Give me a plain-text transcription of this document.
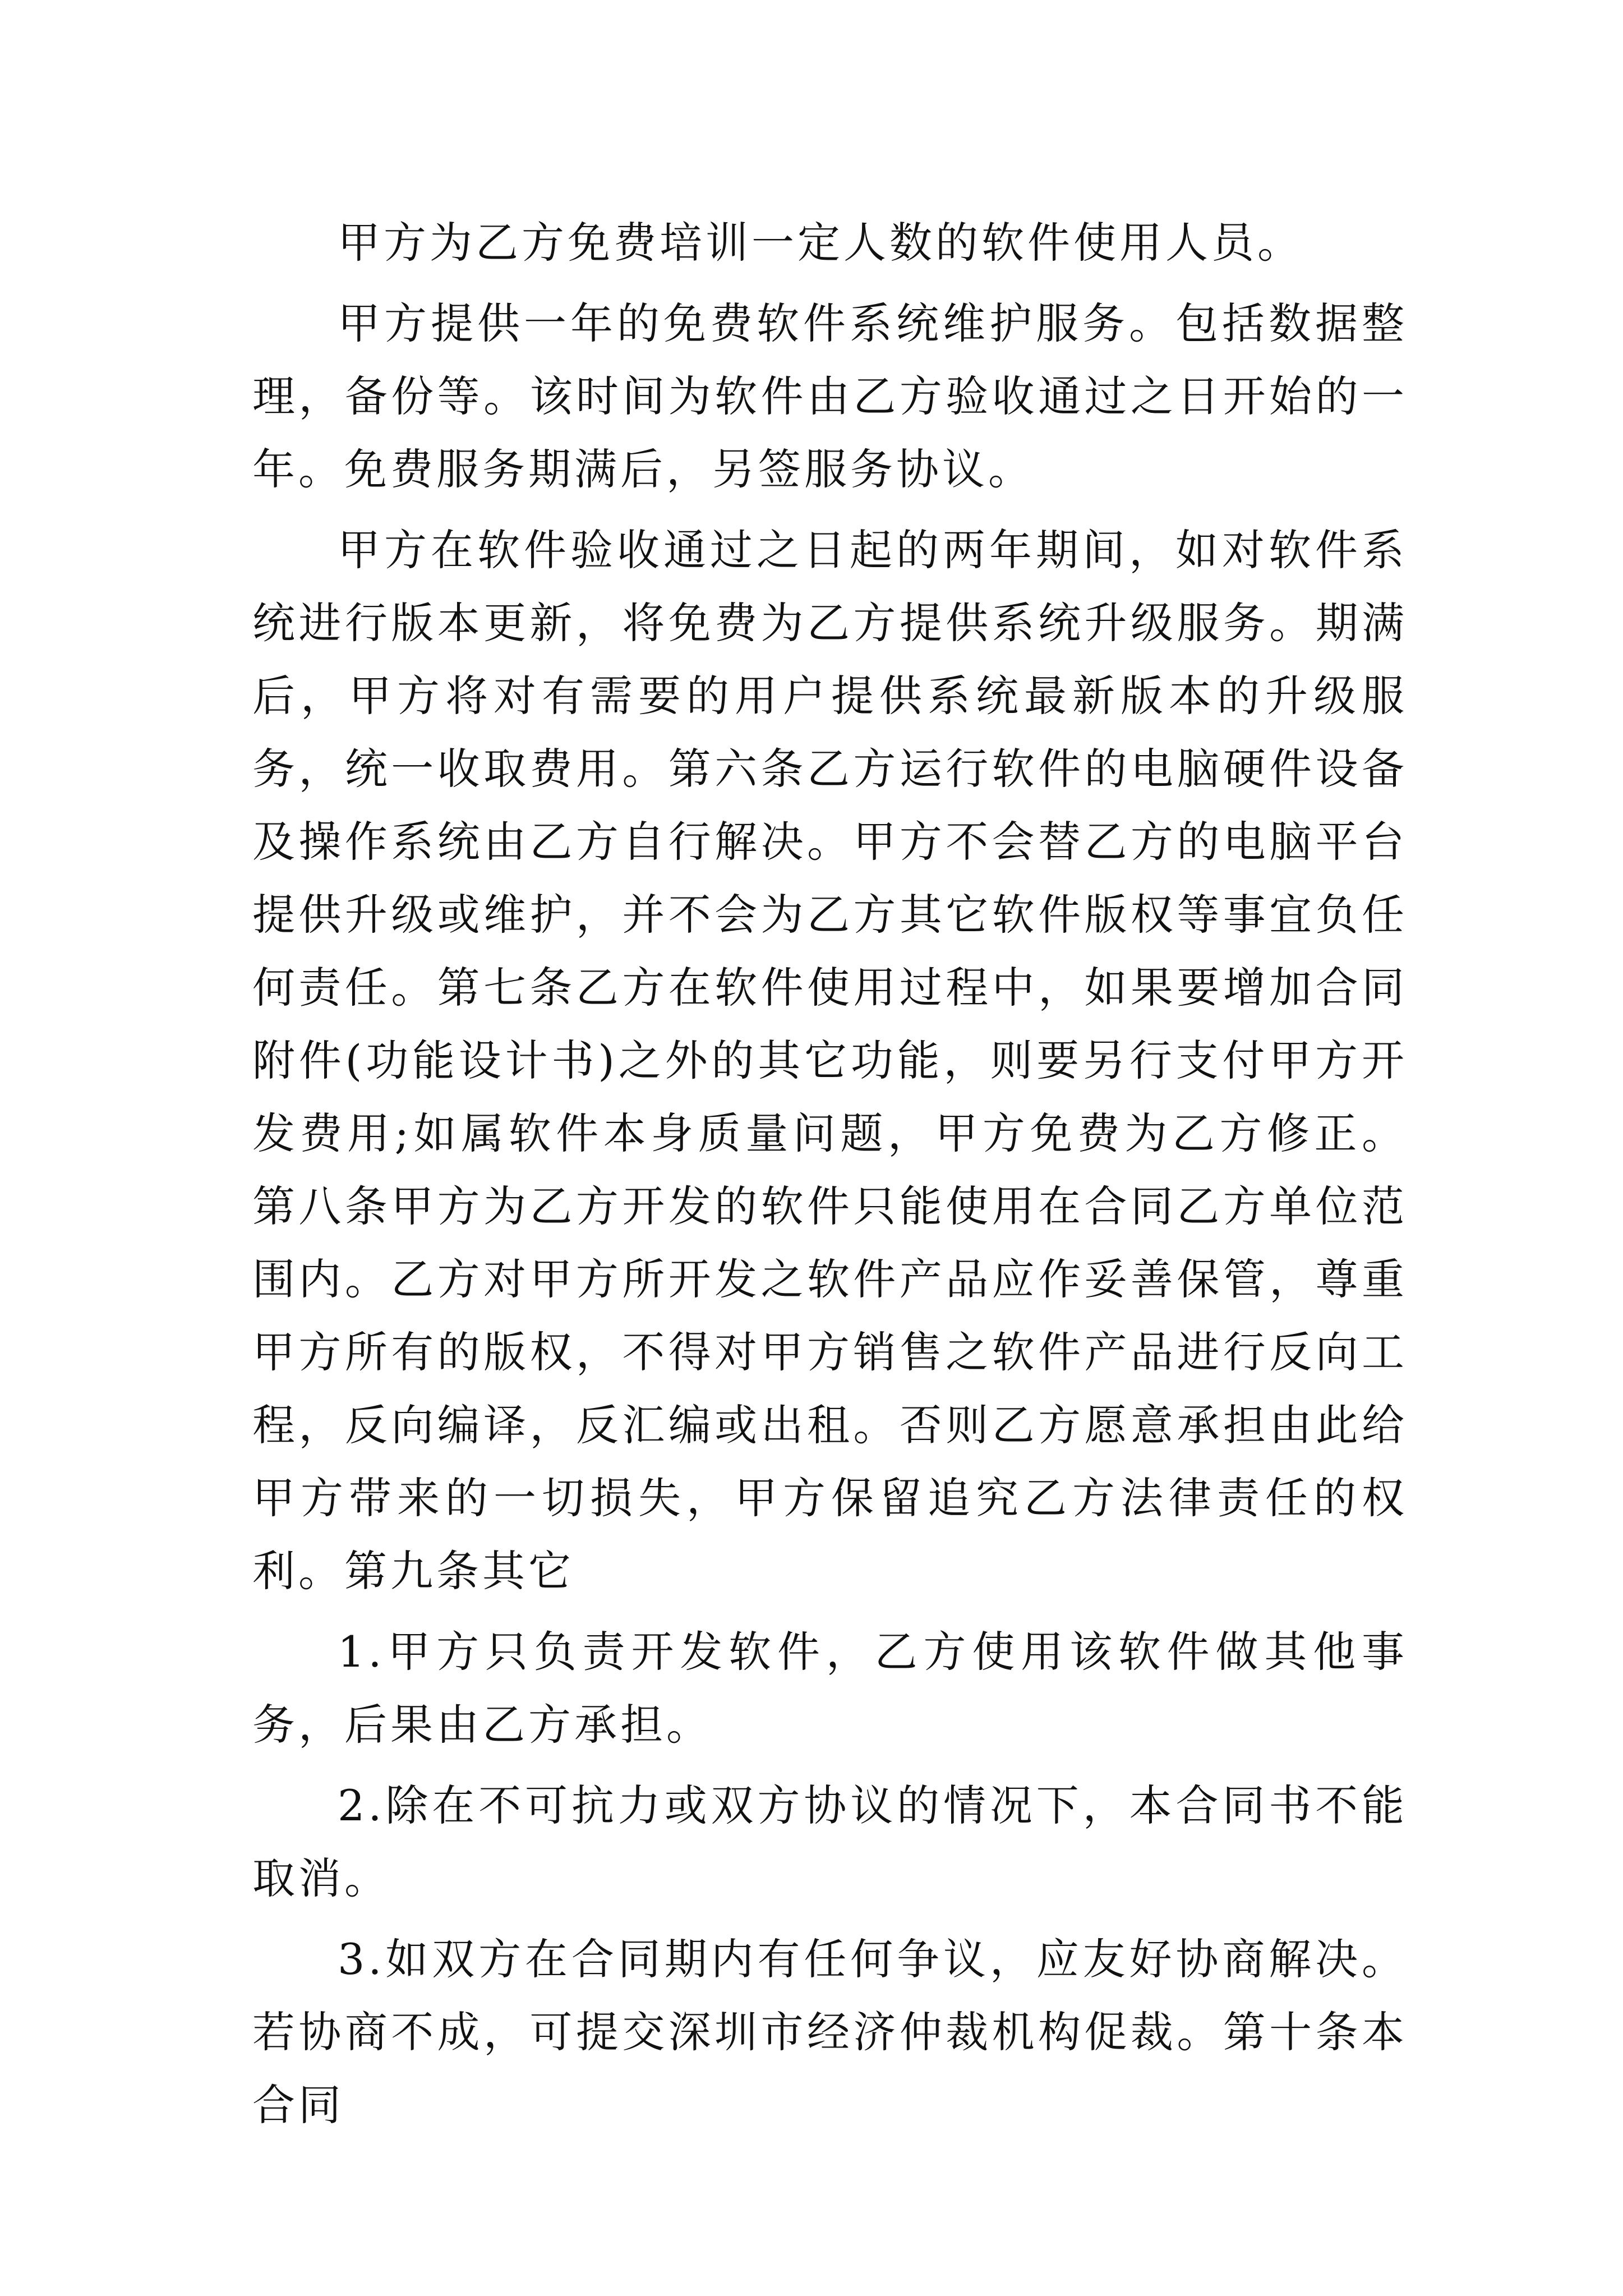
甲方为乙方免费培训一定人数的软件使用人员。

甲方提供一年的免费软件系统维护服务。包括数据整理，备份等。该时间为软件由乙方验收通过之日开始的一年。免费服务期满后，另签服务协议。

甲方在软件验收通过之日起的两年期间，如对软件系统进行版本更新，将免费为乙方提供系统升级服务。期满后，甲方将对有需要的用户提供系统最新版本的升级服务，统一收取费用。第六条乙方运行软件的电脑硬件设备及操作系统由乙方自行解决。甲方不会替乙方的电脑平台提供升级或维护，并不会为乙方其它软件版权等事宜负任何责任。第七条乙方在软件使用过程中，如果要增加合同附件(功能设计书)之外的其它功能，则要另行支付甲方开发费用;如属软件本身质量问题，甲方免费为乙方修正。第八条甲方为乙方开发的软件只能使用在合同乙方单位范围内。乙方对甲方所开发之软件产品应作妥善保管，尊重甲方所有的版权，不得对甲方销售之软件产品进行反向工程，反向编译，反汇编或出租。否则乙方愿意承担由此给甲方带来的一切损失，甲方保留追究乙方法律责任的权 利。第九条其它

1.甲方只负责开发软件，乙方使用该软件做其他事务，后果由乙方承担。

2.除在不可抗力或双方协议的情况下，本合同书不能取消。

3.如双方在合同期内有任何争议，应友好协商解决。若协商不成，可提交深圳市经济仲裁机构促裁。第十条本合同
